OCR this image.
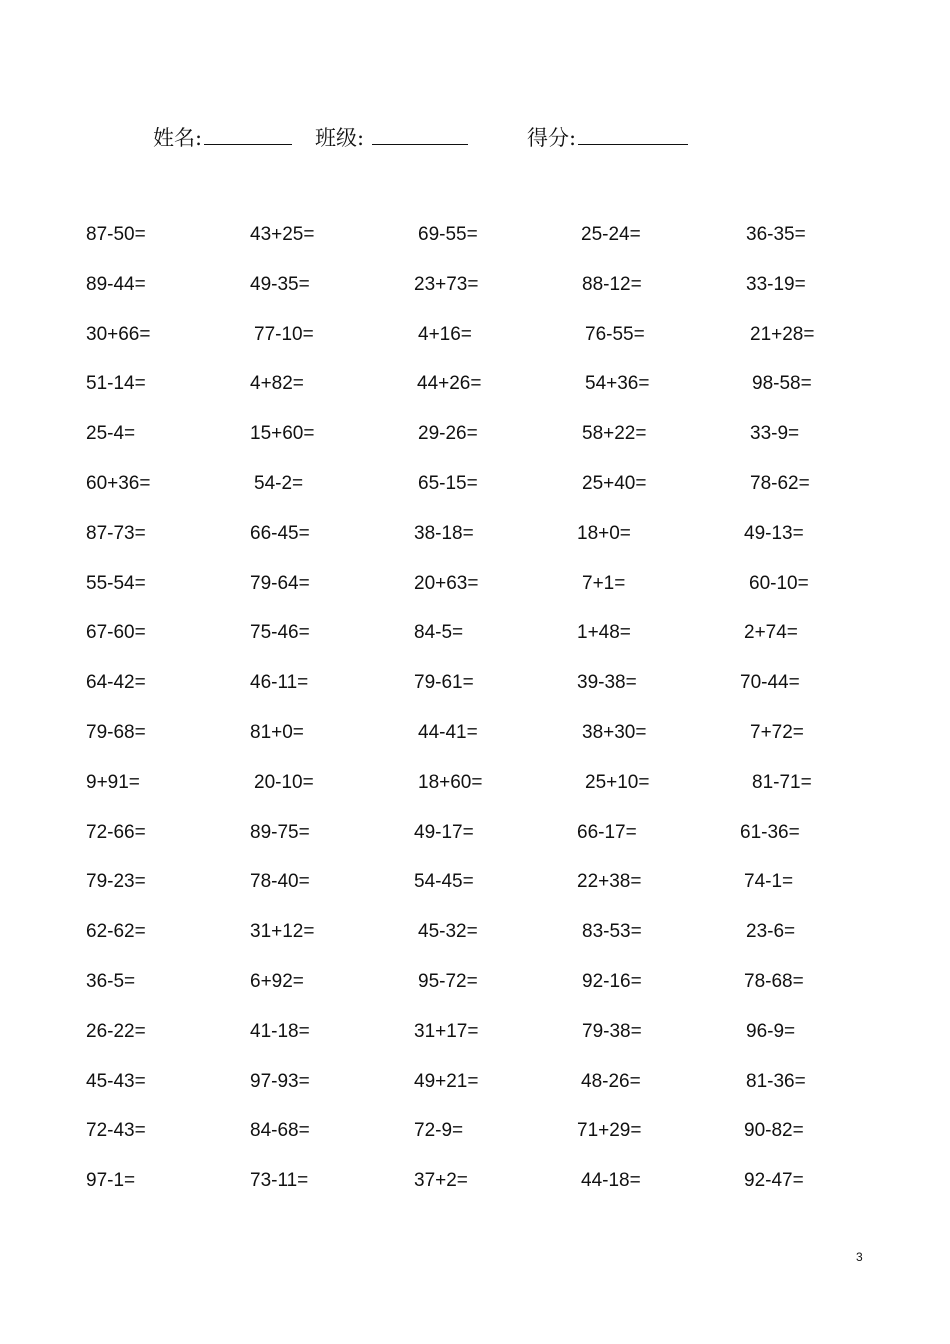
姓名:	班级:	得分:
87-50=	43+25=	69-55=	25-24=	36-35=
89-44=	49-35=	23+73=	88-12=	33-19=
30+66=	77-10=	4+16=	76-55=	21+28=
51-14=	4+82=	44+26=	54+36=	98-58=
25-4=	15+60=	29-26=	58+22=	33-9=
60+36=	54-2=	65-15=	25+40=	78-62=
87-73=	66-45=	38-18=	18+0=	49-13=
55-54=	79-64=	20+63=	7+1=	60-10=
67-60=	75-46=	84-5=	1+48=	2+74=
64-42=	46-11=	79-61=	39-38=	70-44=
79-68=	81+0=	44-41=	38+30=	7+72=
9+91=	20-10=	18+60=	25+10=	81-71=
72-66=	89-75=	49-17=	66-17=	61-36=
79-23=	78-40=	54-45=	22+38=	74-1=
62-62=	31+12=	45-32=	83-53=	23-6=
36-5=	6+92=	95-72=	92-16=	78-68=
26-22=	41-18=	31+17=	79-38=	96-9=
45-43=	97-93=	49+21=	48-26=	81-36=
72-43=	84-68=	72-9=	71+29=	90-82=
97-1=	73-11=	37+2=	44-18=	92-47=
3
